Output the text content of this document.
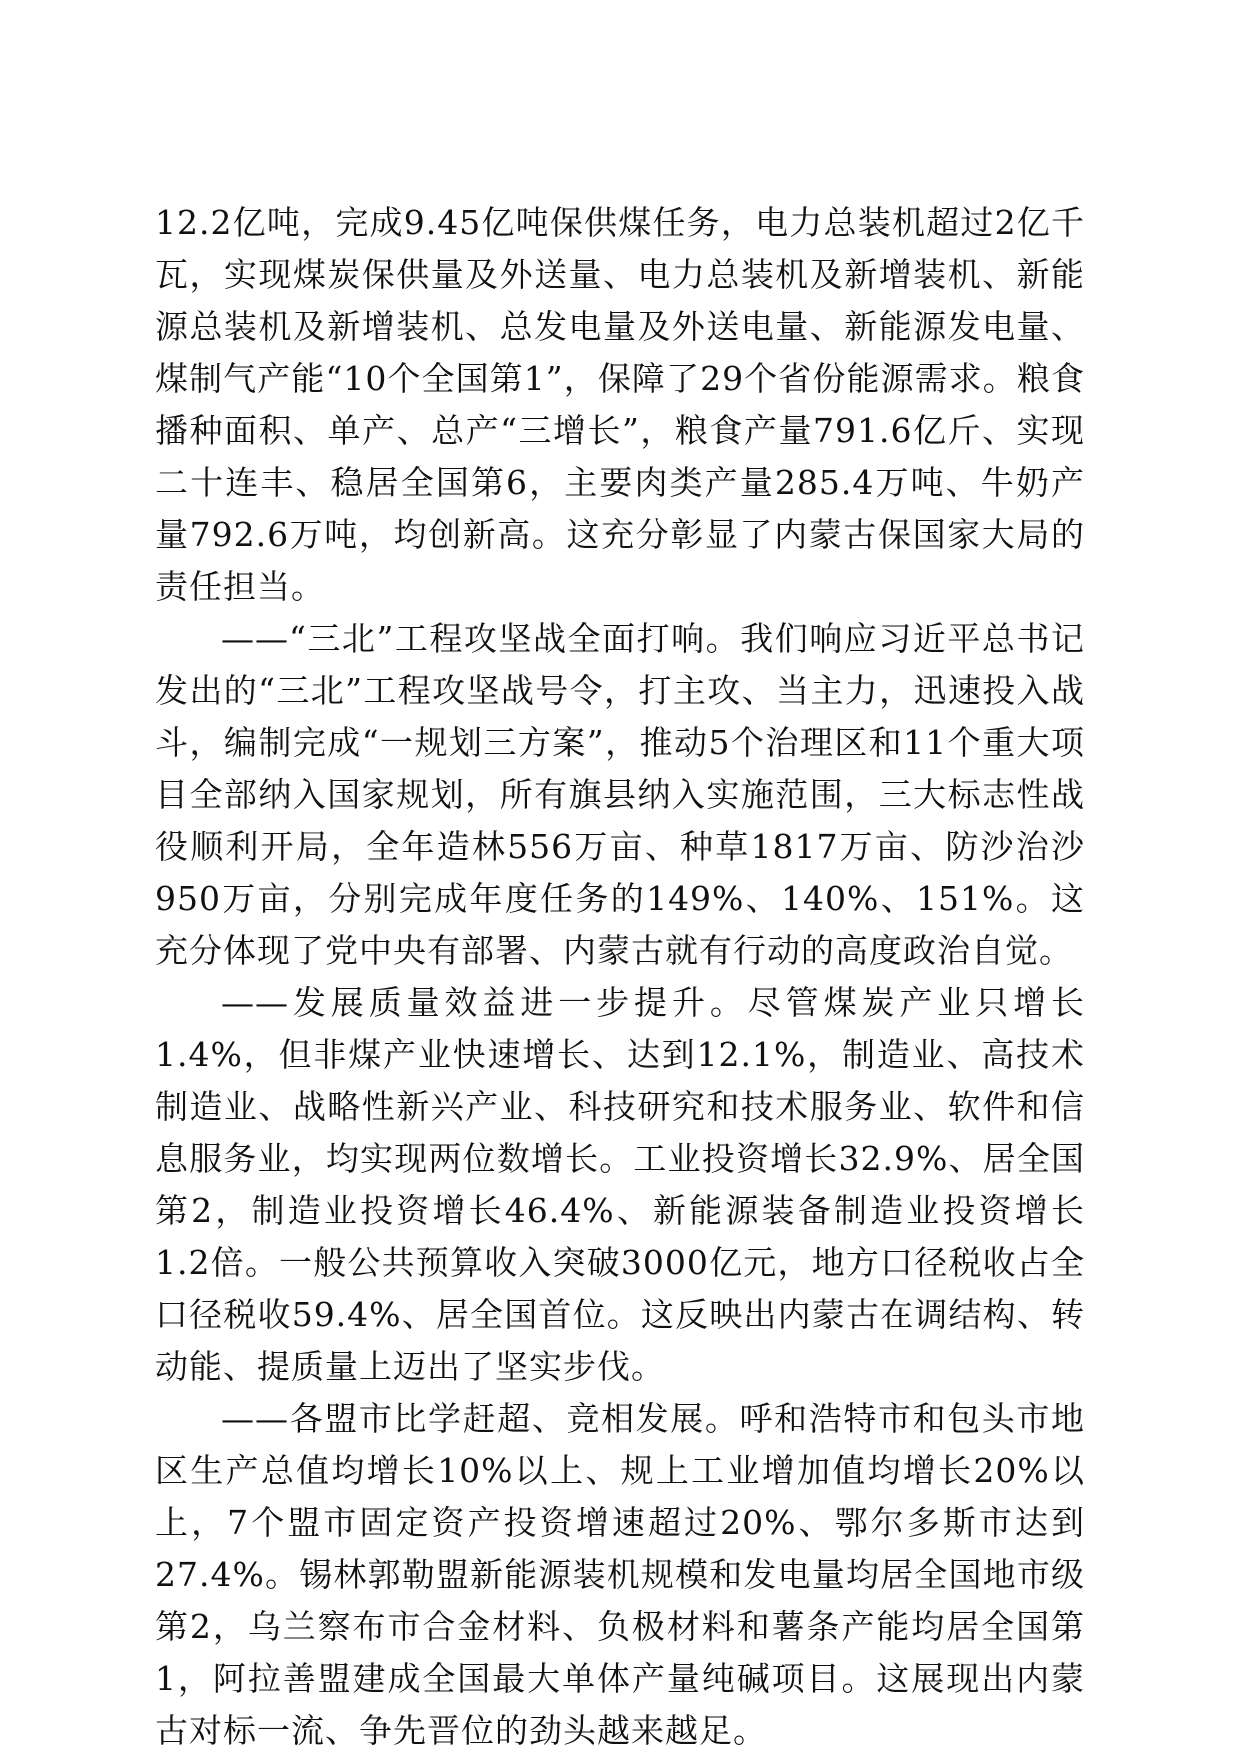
12.2亿吨，完成9.45亿吨保供煤任务，电力总装机超过2亿千瓦，实现煤炭保供量及外送量、电力总装机及新增装机、新能源总装机及新增装机、总发电量及外送电量、新能源发电量、煤制气产能“10个全国第1”，保障了29个省份能源需求。粮食播种面积、单产、总产“三增长”，粮食产量791.6亿斤、实现二十连丰、稳居全国第6，主要肉类产量285.4万吨、牛奶产量792.6万吨，均创新高。这充分彰显了内蒙古保国家大局的责任担当。

——“三北”工程攻坚战全面打响。我们响应习近平总书记发出的“三北”工程攻坚战号令，打主攻、当主力，迅速投入战斗，编制完成“一规划三方案”，推动5个治理区和11个重大项目全部纳入国家规划，所有旗县纳入实施范围，三大标志性战役顺利开局，全年造林556万亩、种草1817万亩、防沙治沙950万亩，分别完成年度任务的149%、140%、151%。这充分体现了党中央有部署、内蒙古就有行动的高度政治自觉。

——发展质量效益进一步提升。尽管煤炭产业只增长1.4%，但非煤产业快速增长、达到12.1%，制造业、高技术制造业、战略性新兴产业、科技研究和技术服务业、软件和信息服务业，均实现两位数增长。工业投资增长32.9%、居全国第2，制造业投资增长46.4%、新能源装备制造业投资增长1.2倍。一般公共预算收入突破3000亿元，地方口径税收占全口径税收59.4%、居全国首位。这反映出内蒙古在调结构、转动能、提质量上迈出了坚实步伐。

——各盟市比学赶超、竞相发展。呼和浩特市和包头市地区生产总值均增长10%以上、规上工业增加值均增长20%以上，7个盟市固定资产投资增速超过20%、鄂尔多斯市达到27.4%。锡林郭勒盟新能源装机规模和发电量均居全国地市级第2，乌兰察布市合金材料、负极材料和薯条产能均居全国第1，阿拉善盟建成全国最大单体产量纯碱项目。这展现出内蒙古对标一流、争先晋位的劲头越来越足。
